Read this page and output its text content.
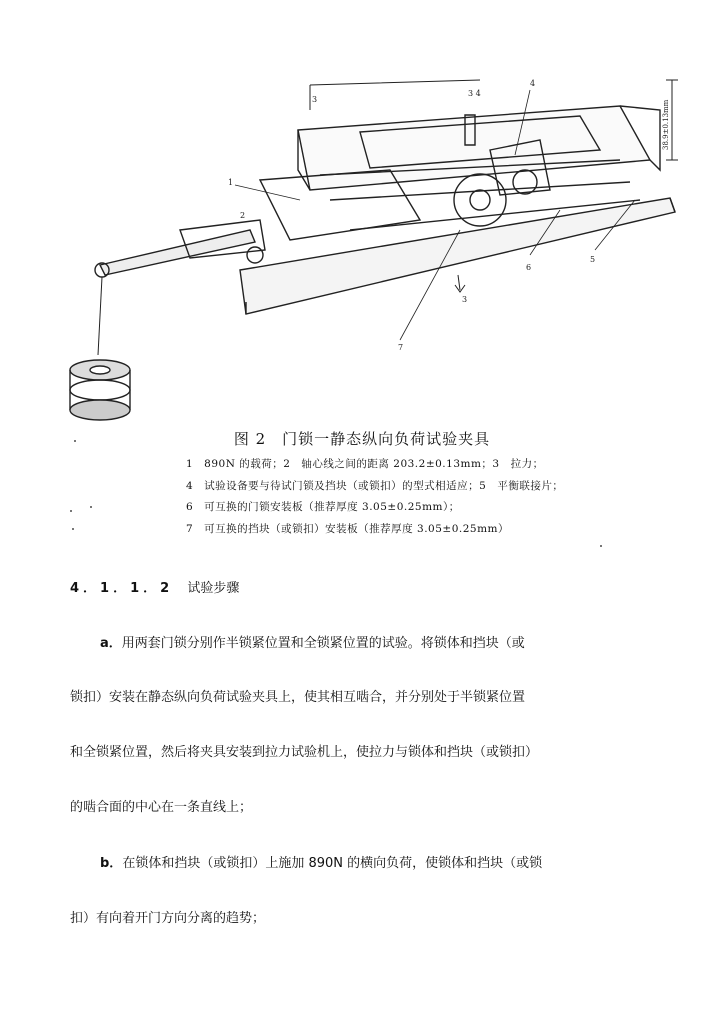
1
2
3
4
5
6
7
3 4
3
38.9±0.13mm
图 2　门锁一静态纵向负荷试验夹具
1　890N 的载荷；2　轴心线之间的距离 203.2±0.13mm；3　拉力；
4　试验设备要与待试门锁及挡块（或锁扣）的型式相适应；5　平衡联接片；
6　可互换的门锁安装板（推荐厚度 3.05±0.25mm）；
7　可互换的挡块（或锁扣）安装板（推荐厚度 3.05±0.25mm）
4．1．1．2 试验步骤
a．用两套门锁分别作半锁紧位置和全锁紧位置的试验。将锁体和挡块（或
锁扣）安装在静态纵向负荷试验夹具上，使其相互啮合，并分别处于半锁紧位置
和全锁紧位置，然后将夹具安装到拉力试验机上，使拉力与锁体和挡块（或锁扣）
的啮合面的中心在一条直线上；
b．在锁体和挡块（或锁扣）上施加 890N 的横向负荷，使锁体和挡块（或锁
扣）有向着开门方向分离的趋势；
